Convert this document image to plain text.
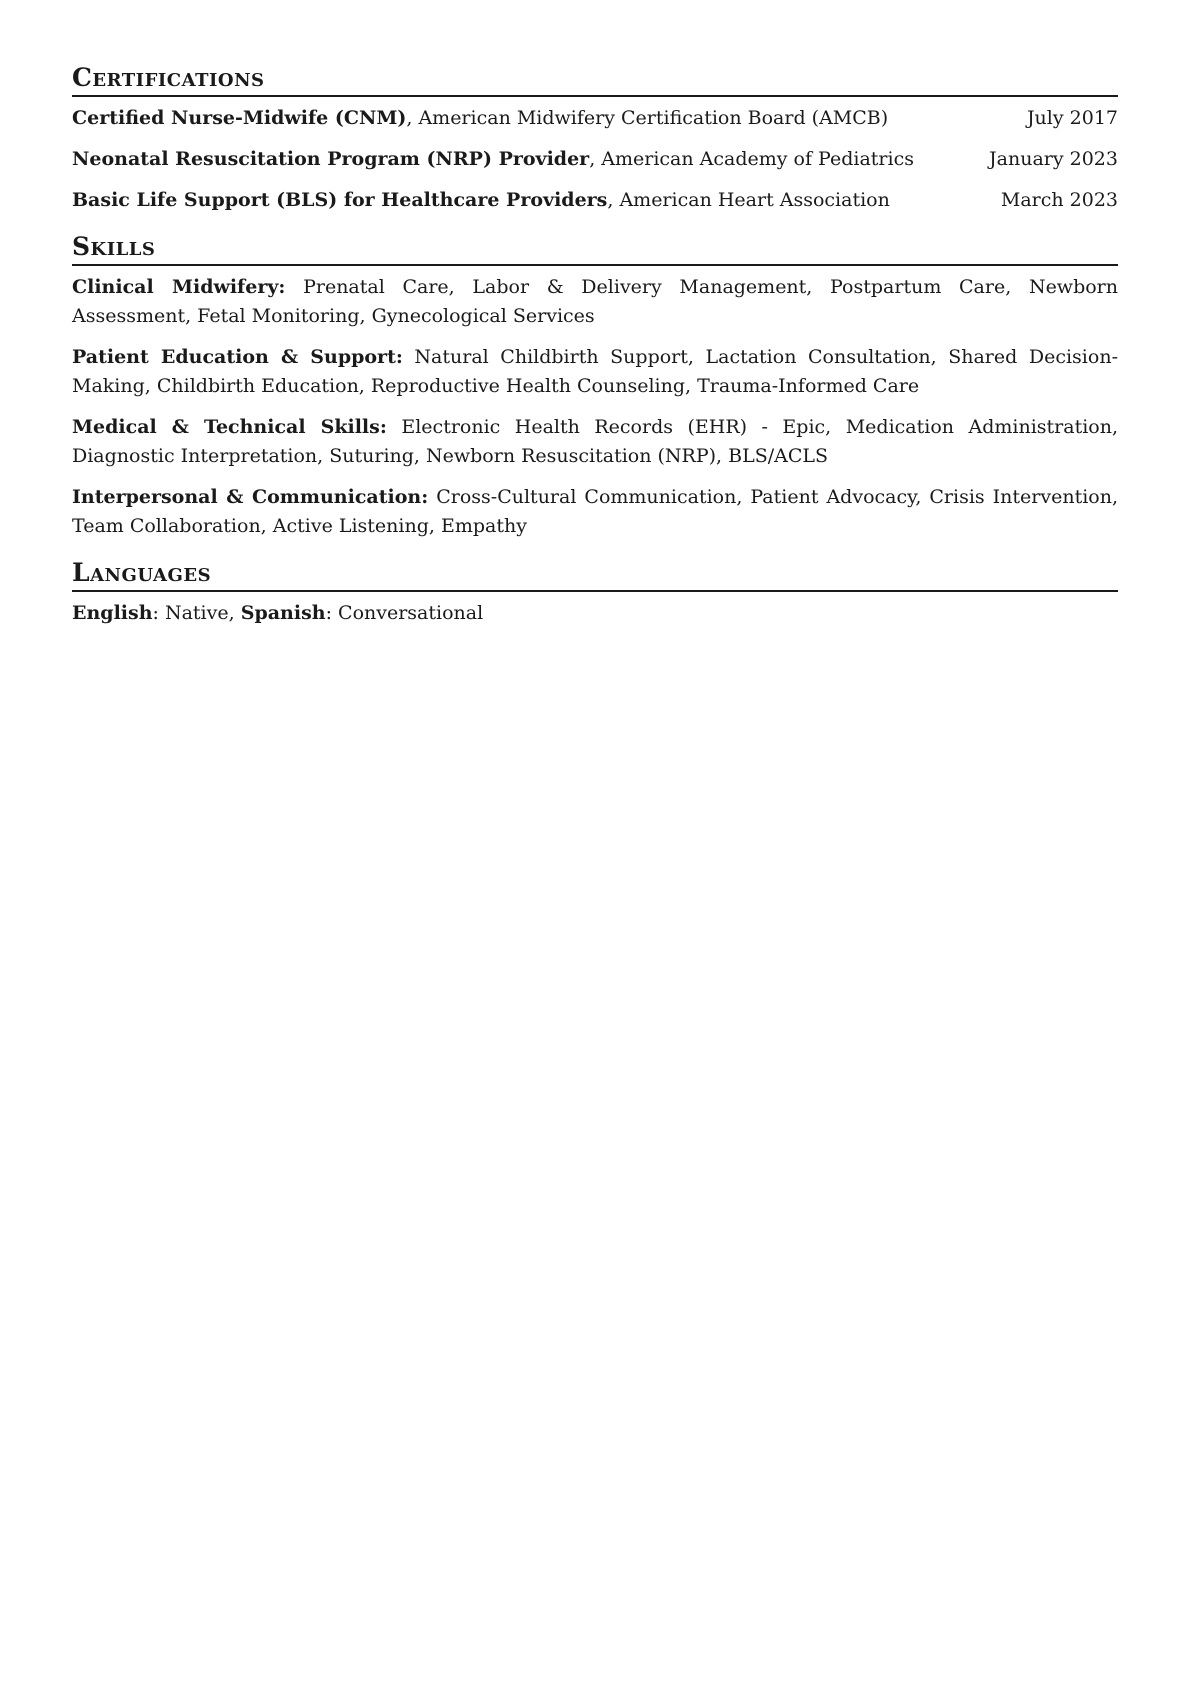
Certifications
Certified Nurse-Midwife (CNM), American Midwifery Certification Board (AMCB)	July 2017
Neonatal Resuscitation Program (NRP) Provider, American Academy of Pediatrics	January 2023
Basic Life Support (BLS) for Healthcare Providers, American Heart Association	March 2023
Skills
Clinical Midwifery: Prenatal Care, Labor & Delivery Management, Postpartum Care, Newborn Assessment, Fetal Monitoring, Gynecological Services
Patient Education & Support: Natural Childbirth Support, Lactation Consultation, Shared Decision-Making, Childbirth Education, Reproductive Health Counseling, Trauma-Informed Care
Medical & Technical Skills: Electronic Health Records (EHR) - Epic, Medication Administration, Diagnostic Interpretation, Suturing, Newborn Resuscitation (NRP), BLS/ACLS
Interpersonal & Communication: Cross-Cultural Communication, Patient Advocacy, Crisis Intervention, Team Collaboration, Active Listening, Empathy
Languages
English: Native, Spanish: Conversational
